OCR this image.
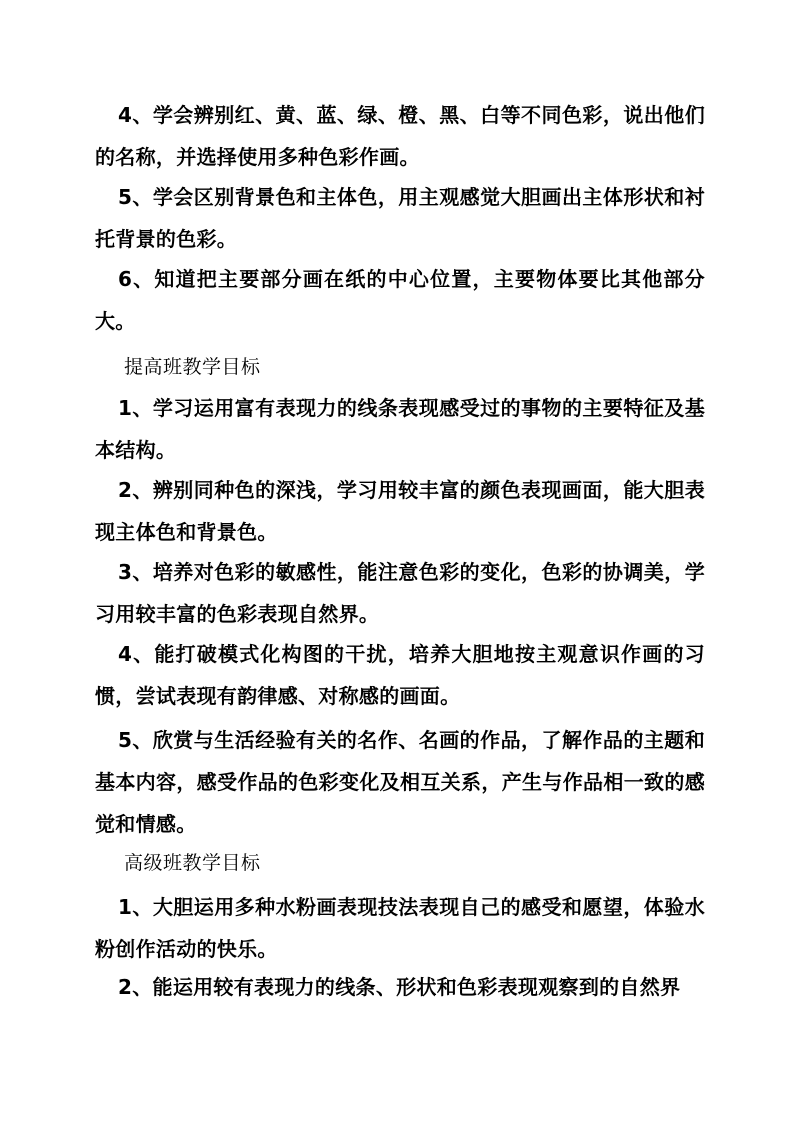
4、学会辨别红、黄、蓝、绿、橙、黑、白等不同色彩，说出他们的名称，并选择使用多种色彩作画。

5、学会区别背景色和主体色，用主观感觉大胆画出主体形状和衬托背景的色彩。

6、知道把主要部分画在纸的中心位置，主要物体要比其他部分大。

提高班教学目标

1、学习运用富有表现力的线条表现感受过的事物的主要特征及基本结构。

2、辨别同种色的深浅，学习用较丰富的颜色表现画面，能大胆表现主体色和背景色。

3、培养对色彩的敏感性，能注意色彩的变化，色彩的协调美，学习用较丰富的色彩表现自然界。

4、能打破模式化构图的干扰，培养大胆地按主观意识作画的习惯，尝试表现有韵律感、对称感的画面。

5、欣赏与生活经验有关的名作、名画的作品，了解作品的主题和基本内容，感受作品的色彩变化及相互关系，产生与作品相一致的感觉和情感。

高级班教学目标

1、大胆运用多种水粉画表现技法表现自己的感受和愿望，体验水粉创作活动的快乐。

2、能运用较有表现力的线条、形状和色彩表现观察到的自然界
